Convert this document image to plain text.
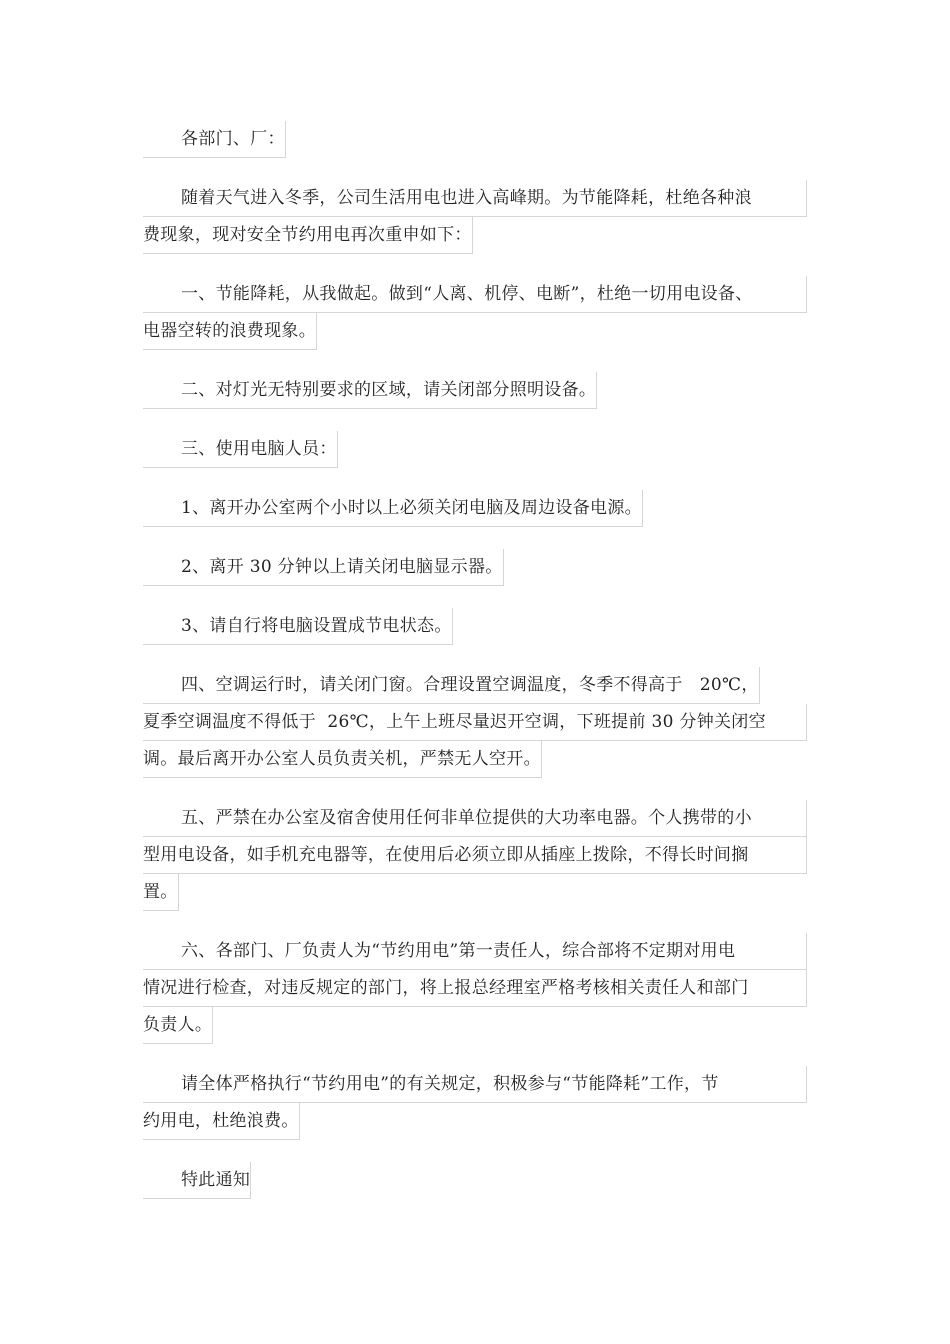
各部门、厂：
随着天气进入冬季，公司生活用电也进入高峰期。为节能降耗，杜绝各种浪
费现象，现对安全节约用电再次重申如下：
一、节能降耗，从我做起。做到“人离、机停、电断”，杜绝一切用电设备、
电器空转的浪费现象。
二、对灯光无特别要求的区域，请关闭部分照明设备。
三、使用电脑人员：
1、离开办公室两个小时以上必须关闭电脑及周边设备电源。
2、离开 30 分钟以上请关闭电脑显示器。
3、请自行将电脑设置成节电状态。
四、空调运行时，请关闭门窗。合理设置空调温度，冬季不得高于   20℃，
夏季空调温度不得低于  26℃，上午上班尽量迟开空调，下班提前 30 分钟关闭空
调。最后离开办公室人员负责关机，严禁无人空开。
五、严禁在办公室及宿舍使用任何非单位提供的大功率电器。个人携带的小
型用电设备，如手机充电器等，在使用后必须立即从插座上拨除，不得长时间搁
置。
六、各部门、厂负责人为“节约用电”第一责任人，综合部将不定期对用电
情况进行检查，对违反规定的部门，将上报总经理室严格考核相关责任人和部门
负责人。
请全体严格执行“节约用电”的有关规定，积极参与“节能降耗”工作，节
约用电，杜绝浪费。
特此通知
